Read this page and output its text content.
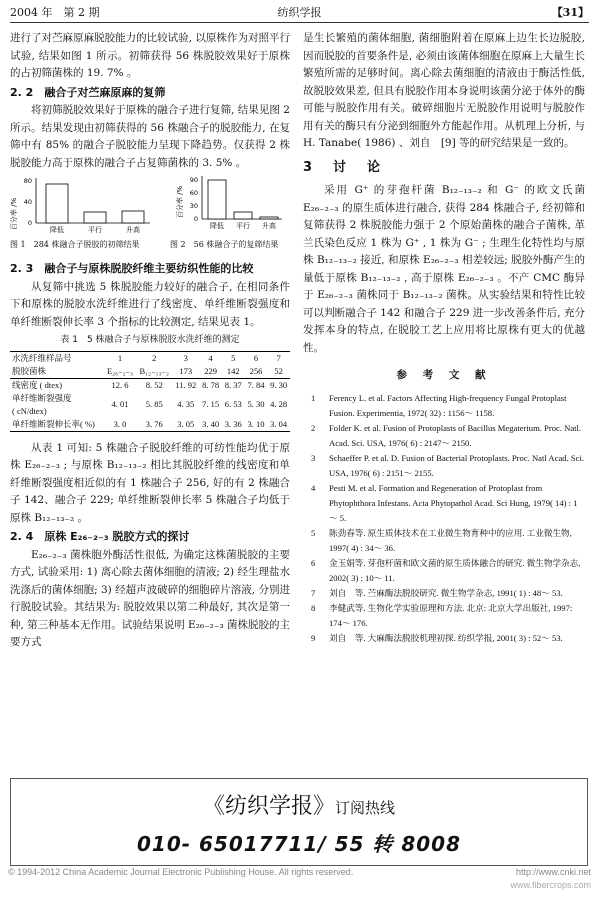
2004 年　第 2 期	纺织学报	【31】

进行了对苎麻原麻脱胶能力的比较试验, 以原株作为对照平行试验, 结果如图 1 所示。初筛获得 56 株脱胶效果好于原株的占初筛菌株的 19. 7% 。

2. 2　融合子对苎麻原麻的复筛

将初筛脱胶效果好于原株的融合子进行复筛, 结果见图 2 所示。结果发现由初筛获得的 56 株融合子的脱胶能力, 在复筛中有 85% 的融合子脱胶能力呈现下降趋势。仅获得 2 株脱胶能力高于原株的融合子占复筛菌株的 3. 5% 。

百分率 /%
80
40
0
降低	平行	升高
百分率 /%
90
60
30
0
降低 平行 升高
图 1　284 株融合子脱胶的初筛结果	图 2　56 株融合子的复筛结果
2. 3　融合子与原株脱胶纤维主要纺织性能的比较

从复筛中挑选 5 株脱胶能力较好的融合子, 在相同条件下和原株的脱胶水洗纤维进行了线密度、单纤维断裂强度和单纤维断裂伸长率 3 个指标的比较测定, 结果见表 1。

表 1　5 株融合子与原株脱胶水洗纤维的测定
水洗纤维样品号	1	2	3	4	5	6	7
脱胶菌株	E₂₆₋₂₋₃	B₁₂₋₁₃₋₂	173	229	142	256	52
线密度 ( dtex)	12. 6	8. 52	11. 92	8. 78	8. 37	7. 84	9. 30
单纤维断裂强度
( cN/dtex)	4. 01	5. 85	4. 35	7. 15	6. 53	5. 30	4. 28
单纤维断裂伸长率( %)	3. 0	3. 76	3. 05	3. 40	3. 36	3. 10	3. 04

从表 1 可知: 5 株融合子脱胶纤维的可纺性能均优于原株 E₂₆₋₂₋₃ ; 与原株 B₁₂₋₁₃₋₂ 相比其脱胶纤维的线密度和单纤维断裂强度相近似的有 1 株融合子 256, 好的有 2 株融合子 142、融合子 229; 单纤维断裂伸长率 5 株融合子均低于原株 B₁₂₋₁₃₋₂ 。

2. 4　原株 E₂₆₋₂₋₃ 脱胶方式的探讨

E₂₆₋₂₋₃ 菌株胞外酶活性很低, 为确定这株菌脱胶的主要方式, 试验采用: 1) 离心除去菌体细胞的清液; 2) 经生理盐水洗涤后的菌体细胞; 3) 经超声波破碎的细胞碎片溶液, 分别进行脱胶试验。其结果为: 脱胶效果以第二种最好, 其次是第一种, 第三种基本无作用。试验结果说明 E₂₆₋₂₋₃ 菌株脱胶的主要方式

是生长繁殖的菌体细胞, 菌细胞附着在原麻上边生长边脱胶, 因而脱胶的首要条件是, 必须由该菌体细胞在原麻上大量生长繁殖所需的足够时间。离心除去菌细胞的清液由于酶活性低, 故脱胶效果差, 但具有脱胶作用本身说明该菌分泌于体外的酶可能与脱胶作用有关。破碎细胞片无脱胶作用说明与脱胶作用有关的酶只有分泌到细胞外方能起作用。从机理上分析, 与 H. Tanabe( 1986) 、刘自　[9] 等的研究结果是一致的。

3　讨　论

采用 G⁺ 的芽孢杆菌 B₁₂₋₁₃₋₂ 和 G⁻ 的欧文氏菌 E₂₆₋₂₋₃ 的原生质体进行融合, 获得 284 株融合子, 经初筛和复筛获得 2 株脱胶能力强于 2 个原始菌株的融合子菌株, 革兰氏染色反应 1 株为 G⁺ , 1 株为 G⁻ ; 生理生化特性均与原株 B₁₂₋₁₃₋₂ 接近, 和原株 E₂₆₋₂₋₃ 相差较远; 脱胶外酶产生的量低于原株 B₁₂₋₁₃₋₂ , 高于原株 E₂₆₋₂₋₃ 。不产 CMC 酶异于 E₂₆₋₂₋₃ 菌株同于 B₁₂₋₁₃₋₂ 菌株。从实验结果和特性比较可以判断融合子 142 和融合子 229 进一步改善条件后, 充分发挥本身的特点, 在脱胶工艺上应用将比原株有更大的优越性。

参 考 文 献
1 Ferency L. et al. Factors Affecting High-frequency Fungal Protoplast Fusion. Experimentia, 1972( 32) : 1156～ 1158.
2 Folder K. et al. Fusion of Protoplasts of Bacillus Megaterium. Proc. Natl. Acad. Sci. USA, 1976( 6) : 2147～ 2150.
3 Schaeffer P. et al. D. Fusion of Bacterial Protoplasts. Proc. Natl Acad. Sci. USA, 1976( 6) : 2151～ 2155.
4 Pesti M. et al. Formation and Regeneration of Protoplast from Phytophthora Infestans. Acta Phytopathol Acad. Sci Hung, 1979( 14) : 1～ 5.
5 陈劲春等. 原生质体技术在工业微生物育种中的应用. 工业微生物, 1997( 4) : 34～ 36.
6 金玉娟等. 芽孢杆菌和欧文菌的原生质体融合的研究. 微生物学杂志, 2002( 3) : 10～ 11.
7 刘自　等. 苎麻酶法脱胶研究. 微生物学杂志, 1991( 1) : 48～ 53.
8 李健武等. 生物化学实验原理和方法. 北京: 北京大学出版社, 1997: 174～ 176.
9 刘自　等. 大麻酶法脱胶机理初探. 纺织学报, 2001( 3) : 52～ 53.
《纺织学报》订阅热线
010- 65017711/ 55 转 8008
© 1994-2012 China Academic Journal Electronic Publishing House. All rights reserved.	http://www.cnki.net
www.fibercrops.com
